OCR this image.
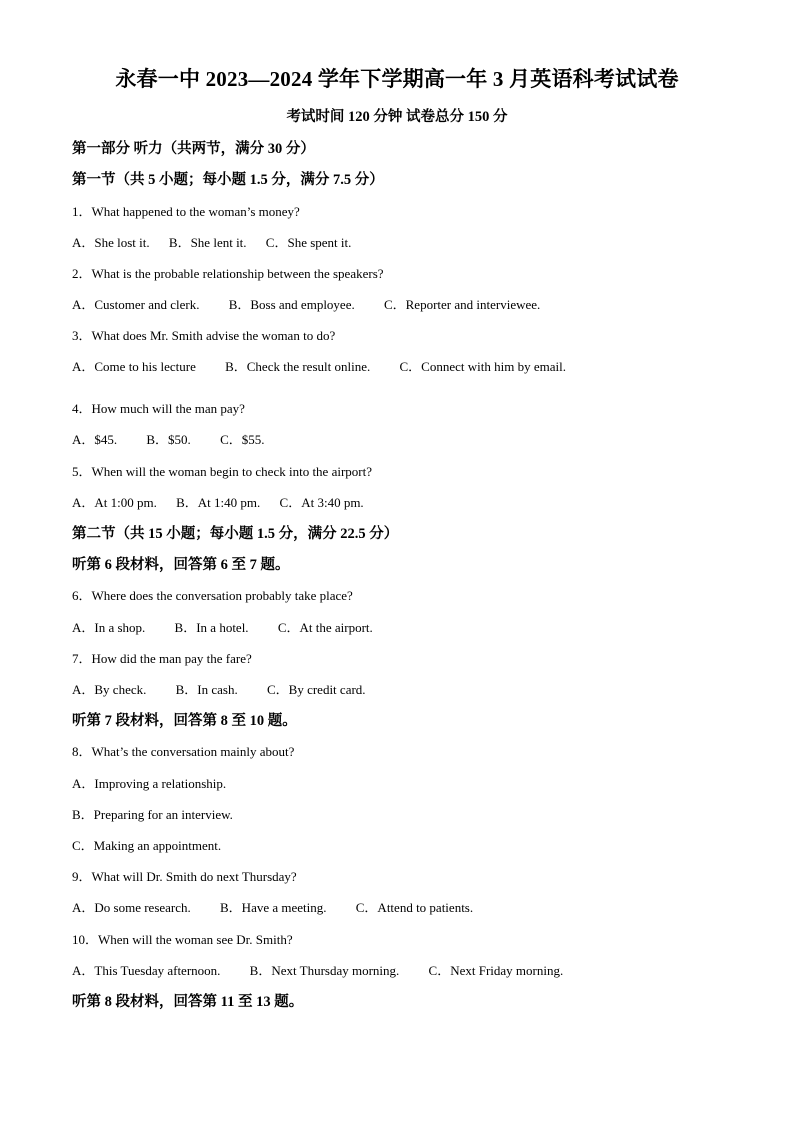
永春一中 2023—2024 学年下学期高一年 3 月英语科考试试卷
考试时间 120 分钟 试卷总分 150 分
第一部分 听力（共两节，满分 30 分）
第一节（共 5 小题；每小题 1.5 分，满分 7.5 分）
1．What happened to the woman’s money?
A．She lost it. B．She lent it. C．She spent it.
2．What is the probable relationship between the speakers?
A．Customer and clerk. B．Boss and employee. C．Reporter and interviewee.
3．What does Mr. Smith advise the woman to do?
A．Come to his lecture B．Check the result online. C．Connect with him by email.
4．How much will the man pay?
A．$45. B．$50. C．$55.
5．When will the woman begin to check into the airport?
A．At 1:00 pm. B．At 1:40 pm. C．At 3:40 pm.
第二节（共 15 小题；每小题 1.5 分，满分 22.5 分）
听第 6 段材料，回答第 6 至 7 题。
6．Where does the conversation probably take place?
A．In a shop. B．In a hotel. C．At the airport.
7．How did the man pay the fare?
A．By check. B．In cash. C．By credit card.
听第 7 段材料，回答第 8 至 10 题。
8．What’s the conversation mainly about?
A．Improving a relationship.
B．Preparing for an interview.
C．Making an appointment.
9．What will Dr. Smith do next Thursday?
A．Do some research. B．Have a meeting. C．Attend to patients.
10．When will the woman see Dr. Smith?
A．This Tuesday afternoon. B．Next Thursday morning. C．Next Friday morning.
听第 8 段材料，回答第 11 至 13 题。
